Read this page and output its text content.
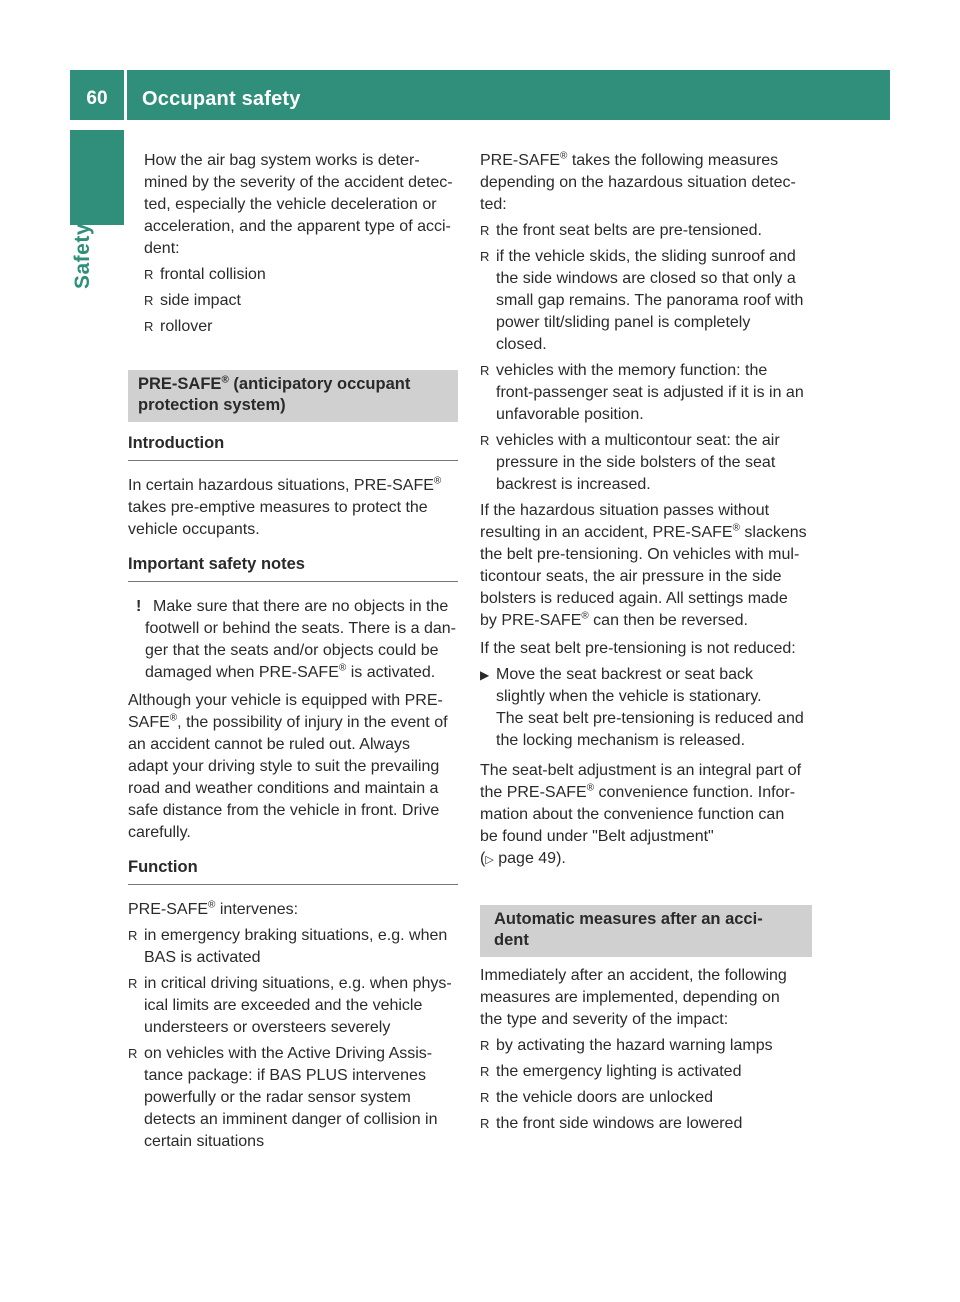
60	Occupant safety
Safety

How the air bag system works is deter-

mined by the severity of the accident detec-

ted, especially the vehicle deceleration or

acceleration, and the apparent type of acci-

dent:

R frontal collision
R side impact
R rollover
PRE-SAFE® (anticipatory occupant
protection system)
Introduction

In certain hazardous situations, PRE-SAFE®

takes pre-emptive measures to protect the

vehicle occupants.

Important safety notes
! Make sure that there are no objects in the

footwell or behind the seats. There is a dan-

ger that the seats and/or objects could be

damaged when PRE-SAFE® is activated.

Although your vehicle is equipped with PRE-

SAFE®, the possibility of injury in the event of

an accident cannot be ruled out. Always

adapt your driving style to suit the prevailing

road and weather conditions and maintain a

safe distance from the vehicle in front. Drive

carefully.

Function

PRE-SAFE® intervenes:

R in emergency braking situations, e.g. when
BAS is activated
R in critical driving situations, e.g. when phys-
ical limits are exceeded and the vehicle
understeers or oversteers severely
R on vehicles with the Active Driving Assis-
tance package: if BAS PLUS intervenes
powerfully or the radar sensor system
detects an imminent danger of collision in
certain situations

PRE-SAFE® takes the following measures

depending on the hazardous situation detec-

ted:

R the front seat belts are pre-tensioned.
R if the vehicle skids, the sliding sunroof and
the side windows are closed so that only a
small gap remains. The panorama roof with
power tilt/sliding panel is completely
closed.
R vehicles with the memory function: the
front-passenger seat is adjusted if it is in an
unfavorable position.
R vehicles with a multicontour seat: the air
pressure in the side bolsters of the seat
backrest is increased.

If the hazardous situation passes without

resulting in an accident, PRE-SAFE® slackens

the belt pre-tensioning. On vehicles with mul-

ticontour seats, the air pressure in the side

bolsters is reduced again. All settings made

by PRE-SAFE® can then be reversed.

If the seat belt pre-tensioning is not reduced:

▶ Move the seat backrest or seat back

slightly when the vehicle is stationary.

The seat belt pre-tensioning is reduced and

the locking mechanism is released.

The seat-belt adjustment is an integral part of

the PRE-SAFE® convenience function. Infor-

mation about the convenience function can

be found under "Belt adjustment"

(▷ page 49).

Automatic measures after an acci-
dent

Immediately after an accident, the following

measures are implemented, depending on

the type and severity of the impact:

R by activating the hazard warning lamps
R the emergency lighting is activated
R the vehicle doors are unlocked
R the front side windows are lowered
